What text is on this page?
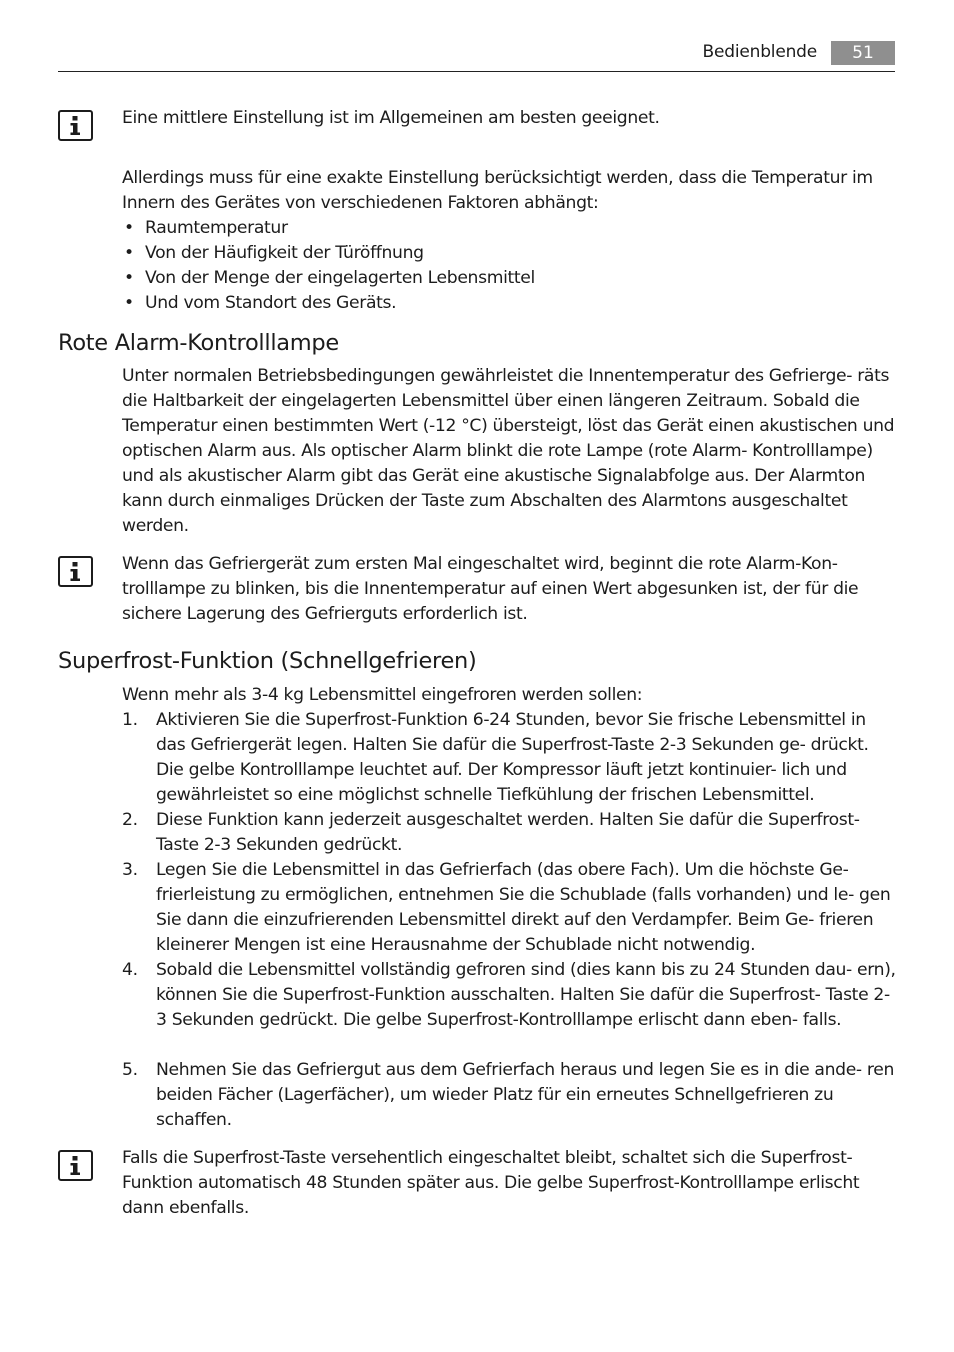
Bedienblende	51

Eine mittlere Einstellung ist im Allgemeinen am besten geeignet.

Allerdings muss für eine exakte Einstellung berücksichtigt werden, dass die Temperatur im Innern des Gerätes von verschiedenen Faktoren abhängt:

• Raumtemperatur
• Von der Häufigkeit der Türöffnung
• Von der Menge der eingelagerten Lebensmittel
• Und vom Standort des Geräts.
Rote Alarm-Kontrolllampe

Unter normalen Betriebsbedingungen gewährleistet die Innentemperatur des Gefrierge- räts die Haltbarkeit der eingelagerten Lebensmittel über einen längeren Zeitraum. Sobald die Temperatur einen bestimmten Wert (-12 °C) übersteigt, löst das Gerät einen akustischen und optischen Alarm aus. Als optischer Alarm blinkt die rote Lampe (rote Alarm- Kontrolllampe) und als akustischer Alarm gibt das Gerät eine akustische Signalabfolge aus. Der Alarmton kann durch einmaliges Drücken der Taste zum Abschalten des Alarmtons ausgeschaltet werden.

Wenn das Gefriergerät zum ersten Mal eingeschaltet wird, beginnt die rote Alarm-Kon- trolllampe zu blinken, bis die Innentemperatur auf einen Wert abgesunken ist, der für die sichere Lagerung des Gefrierguts erforderlich ist.

Superfrost-Funktion (Schnellgefrieren)

Wenn mehr als 3-4 kg Lebensmittel eingefroren werden sollen:

1. Aktivieren Sie die Superfrost-Funktion 6-24 Stunden, bevor Sie frische Lebensmittel in das Gefriergerät legen. Halten Sie dafür die Superfrost-Taste 2-3 Sekunden ge- drückt. Die gelbe Kontrolllampe leuchtet auf. Der Kompressor läuft jetzt kontinuier- lich und gewährleistet so eine möglichst schnelle Tiefkühlung der frischen Lebensmittel.
2. Diese Funktion kann jederzeit ausgeschaltet werden. Halten Sie dafür die Superfrost- Taste 2-3 Sekunden gedrückt.
3. Legen Sie die Lebensmittel in das Gefrierfach (das obere Fach). Um die höchste Ge- frierleistung zu ermöglichen, entnehmen Sie die Schublade (falls vorhanden) und le- gen Sie dann die einzufrierenden Lebensmittel direkt auf den Verdampfer. Beim Ge- frieren kleinerer Mengen ist eine Herausnahme der Schublade nicht notwendig.
4. Sobald die Lebensmittel vollständig gefroren sind (dies kann bis zu 24 Stunden dau- ern), können Sie die Superfrost-Funktion ausschalten. Halten Sie dafür die Superfrost- Taste 2-3 Sekunden gedrückt. Die gelbe Superfrost-Kontrolllampe erlischt dann eben- falls.
5. Nehmen Sie das Gefriergut aus dem Gefrierfach heraus und legen Sie es in die ande- ren beiden Fächer (Lagerfächer), um wieder Platz für ein erneutes Schnellgefrieren zu schaffen.

Falls die Superfrost-Taste versehentlich eingeschaltet bleibt, schaltet sich die Superfrost- Funktion automatisch 48 Stunden später aus. Die gelbe Superfrost-Kontrolllampe erlischt dann ebenfalls.
